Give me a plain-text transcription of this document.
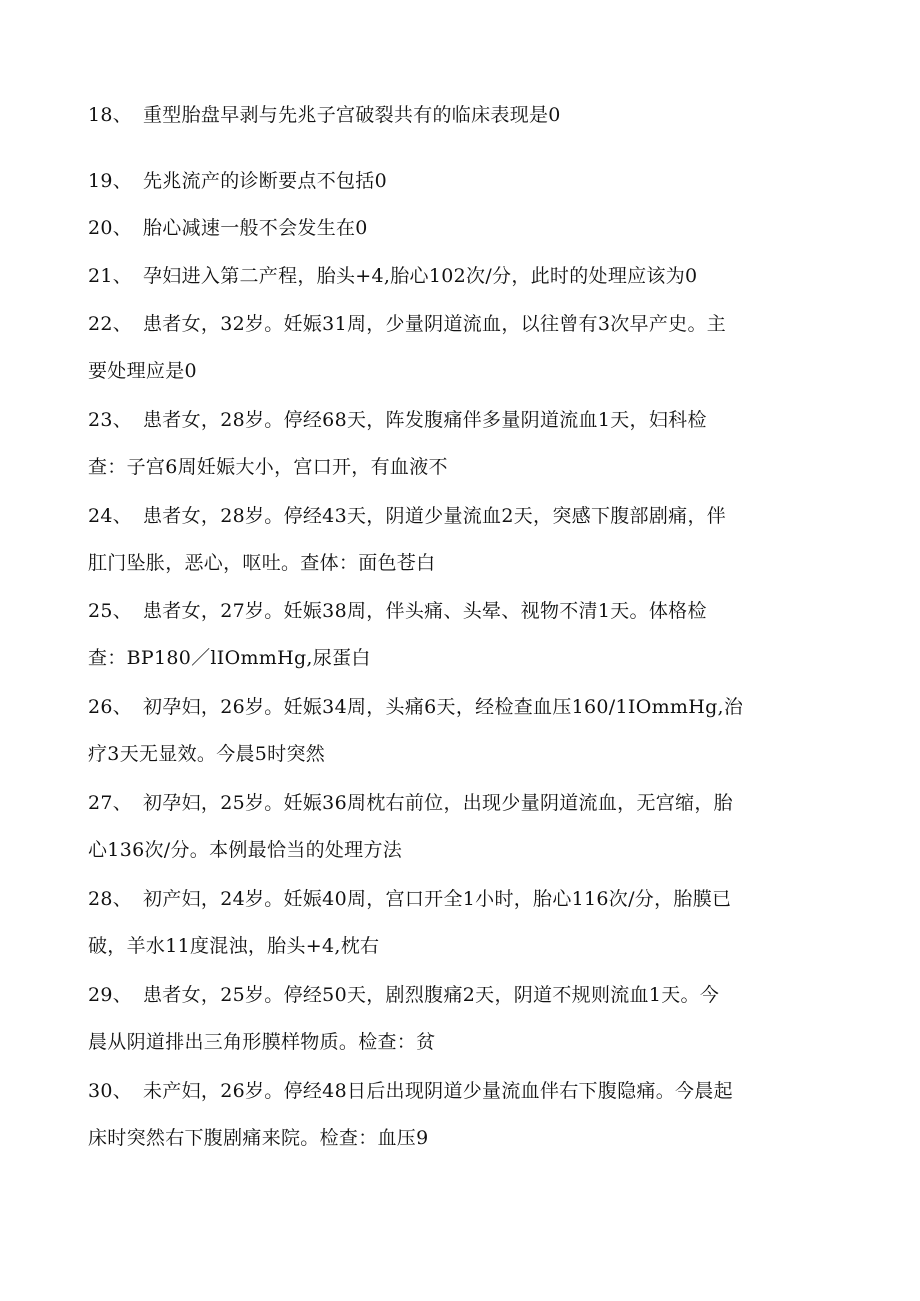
18、 重型胎盘早剥与先兆子宫破裂共有的临床表现是0
19、 先兆流产的诊断要点不包括0
20、 胎心减速一般不会发生在0
21、 孕妇进入第二产程，胎头+4,胎心102次/分，此时的处理应该为0
22、 患者女，32岁。妊娠31周，少量阴道流血，以往曾有3次早产史。主
要处理应是0
23、 患者女，28岁。停经68天，阵发腹痛伴多量阴道流血1天，妇科检
查：子宫6周妊娠大小，宫口开，有血液不
24、 患者女，28岁。停经43天，阴道少量流血2天，突感下腹部剧痛，伴
肛门坠胀，恶心，呕吐。查体：面色苍白
25、 患者女，27岁。妊娠38周，伴头痛、头晕、视物不清1天。体格检
查：BP180／lIOmmHg,尿蛋白
26、 初孕妇，26岁。妊娠34周，头痛6天，经检查血压160/1IOmmHg,治
疗3天无显效。今晨5时突然
27、 初孕妇，25岁。妊娠36周枕右前位，出现少量阴道流血，无宫缩，胎
心136次/分。本例最恰当的处理方法
28、 初产妇，24岁。妊娠40周，宫口开全1小时，胎心116次/分，胎膜已
破，羊水11度混浊，胎头+4,枕右
29、 患者女，25岁。停经50天，剧烈腹痛2天，阴道不规则流血1天。今
晨从阴道排出三角形膜样物质。检查：贫
30、 未产妇，26岁。停经48日后出现阴道少量流血伴右下腹隐痛。今晨起
床时突然右下腹剧痛来院。检查：血压9
